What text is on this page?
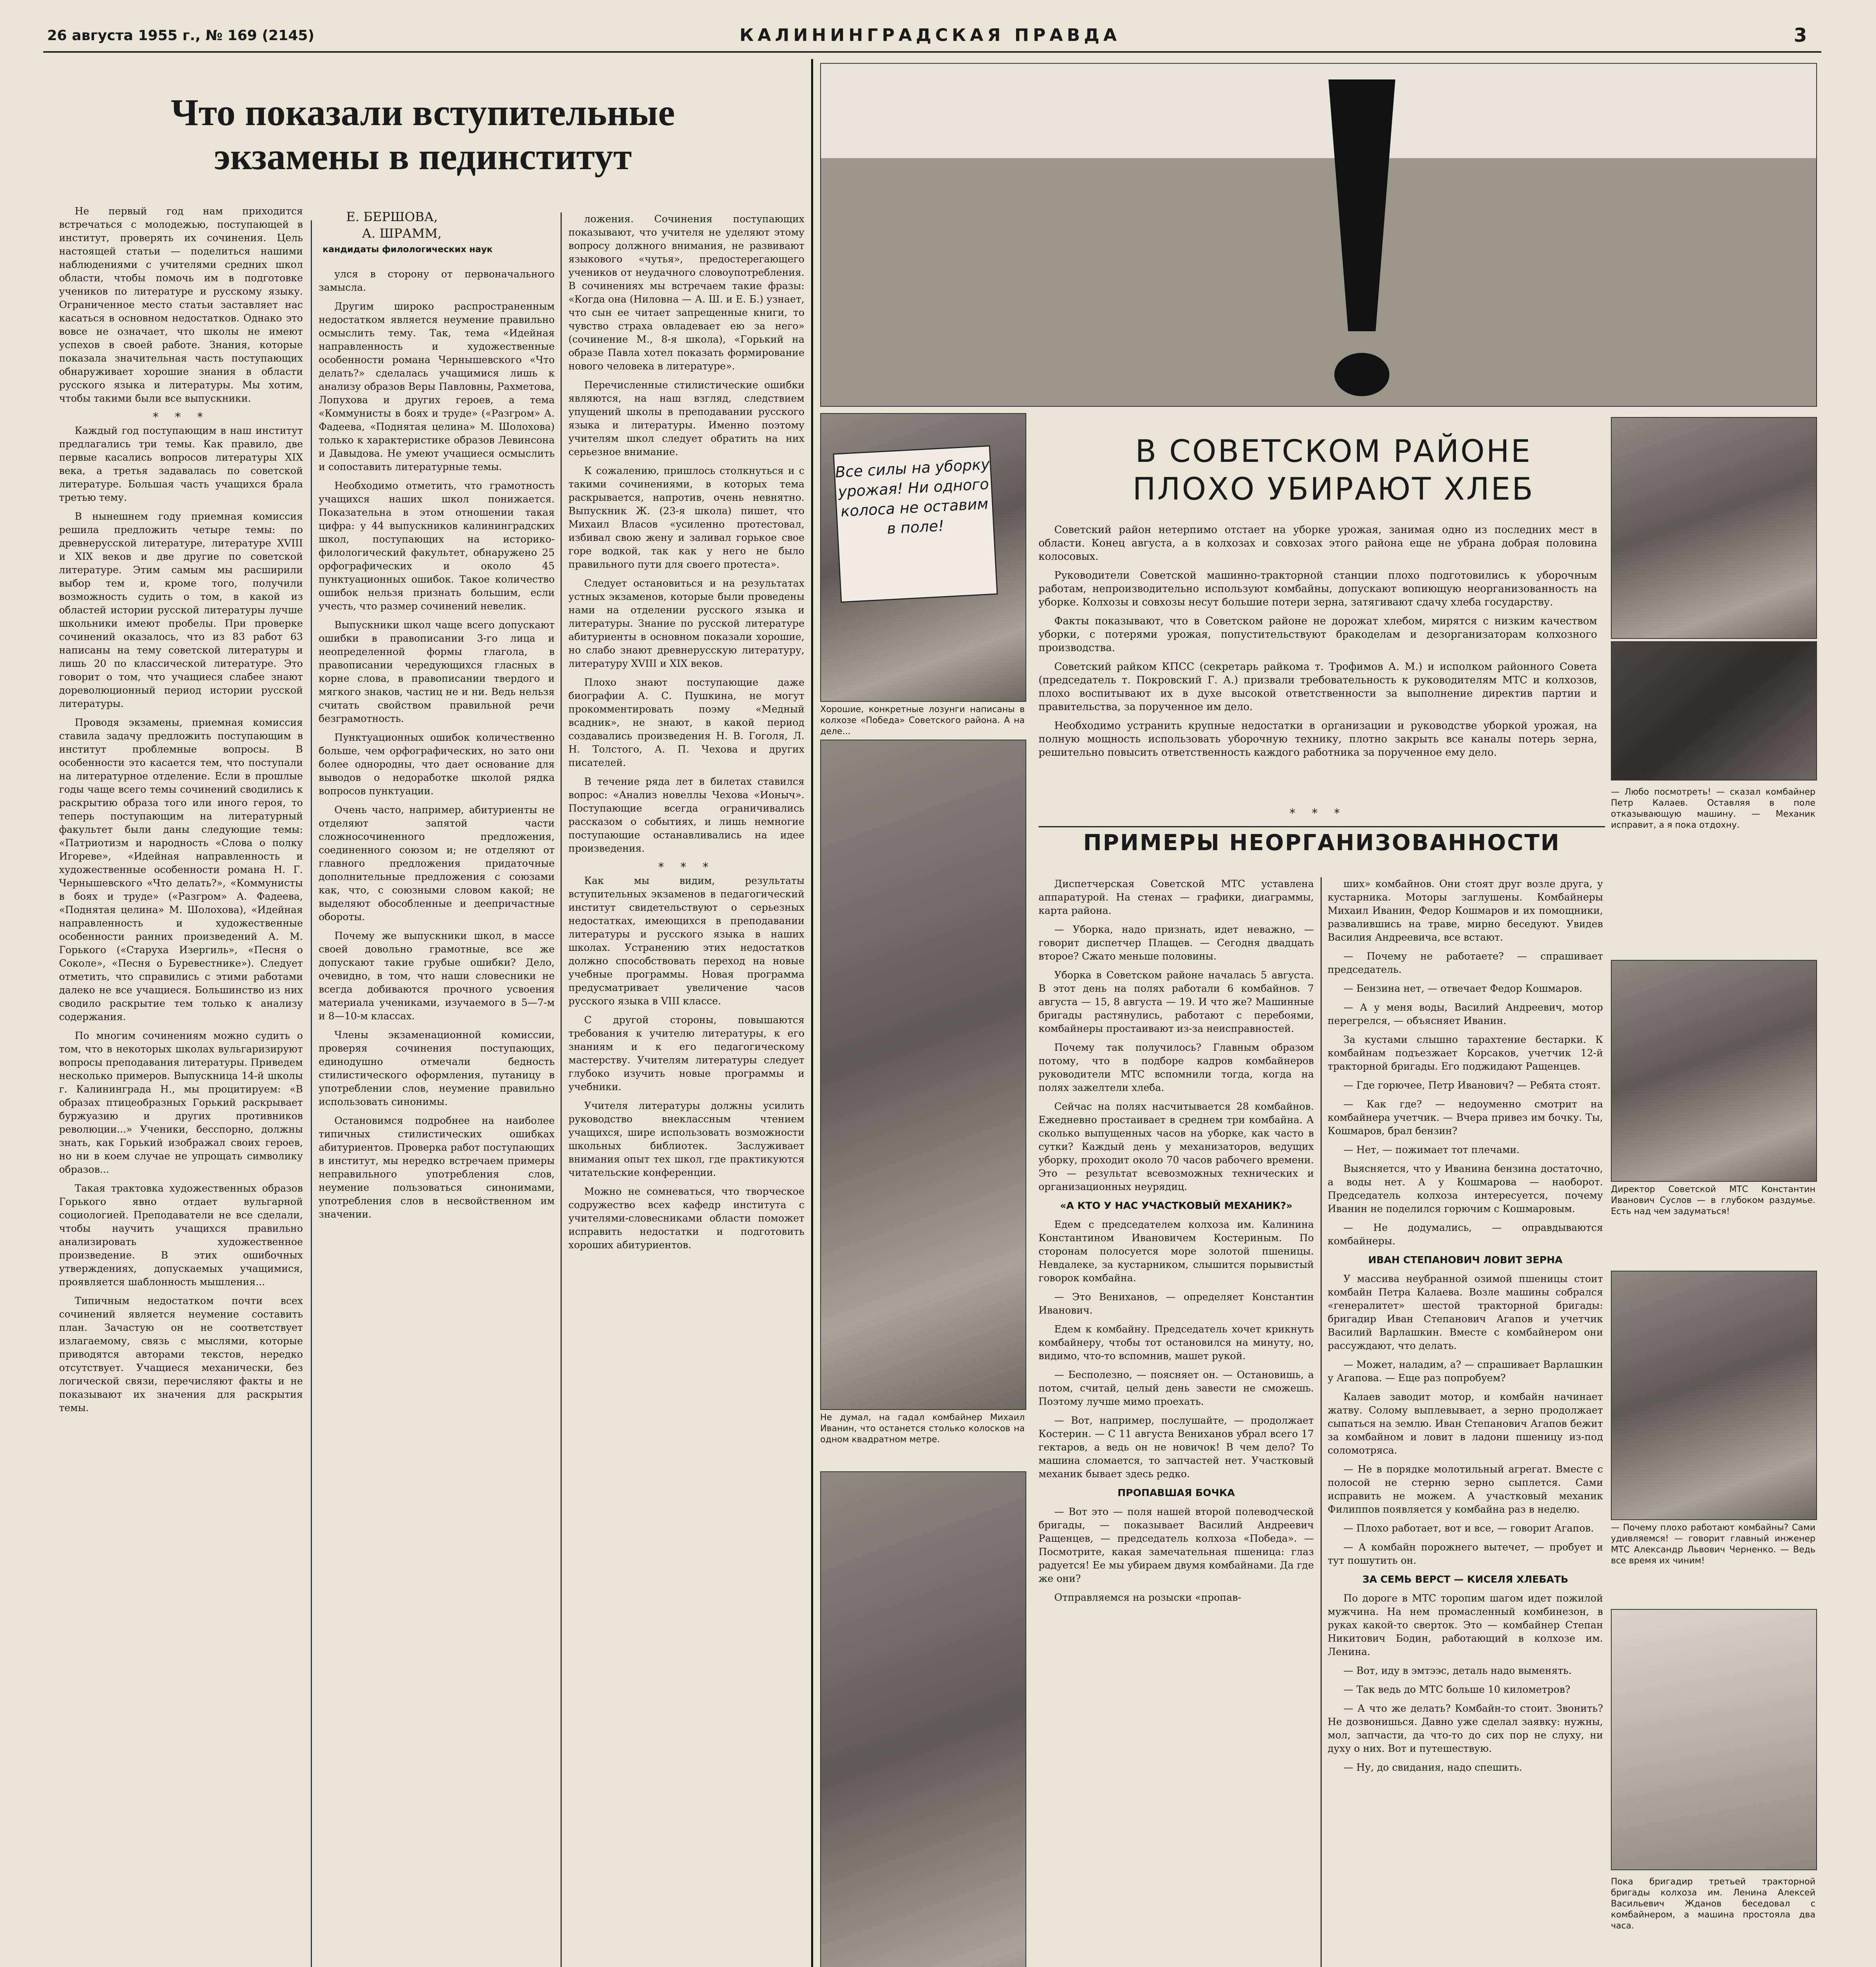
26 августа 1955 г., № 169 (2145)	КАЛИНИНГРАДСКАЯ ПРАВДА	3
Что показали вступительные
экзамены в пединститут
Е. БЕРШОВА,
А. ШРАММ,
кандидаты филологических наук

Не первый год нам приходится встречаться с молодежью, поступающей в институт, проверять их сочинения. Цель настоящей статьи — поделиться нашими наблюдениями с учителями средних школ области, чтобы помочь им в подготовке учеников по литературе и русскому языку. Ограниченное место статьи заставляет нас касаться в основном недостатков. Однако это вовсе не означает, что школы не имеют успехов в своей работе. Знания, которые показала значительная часть поступающих обнаруживает хорошие знания в области русского языка и литературы. Мы хотим, чтобы такими были все выпускники.

* * *

Каждый год поступающим в наш институт предлагались три темы. Как правило, две первые касались вопросов литературы XIX века, а третья задавалась по советской литературе. Большая часть учащихся брала третью тему.

В нынешнем году приемная комиссия решила предложить четыре темы: по древнерусской литературе, литературе XVIII и XIX веков и две другие по советской литературе. Этим самым мы расширили выбор тем и, кроме того, получили возможность судить о том, в какой из областей истории русской литературы лучше школьники имеют пробелы. При проверке сочинений оказалось, что из 83 работ 63 написаны на тему советской литературы и лишь 20 по классической литературе. Это говорит о том, что учащиеся слабее знают дореволюционный период истории русской литературы.

Проводя экзамены, приемная комиссия ставила задачу предложить поступающим в институт проблемные вопросы. В особенности это касается тем, что поступали на литературное отделение. Если в прошлые годы чаще всего темы сочинений сводились к раскрытию образа того или иного героя, то теперь поступающим на литературный факультет были даны следующие темы: «Патриотизм и народность «Слова о полку Игореве», «Идейная направленность и художественные особенности романа Н. Г. Чернышевского «Что делать?», «Коммунисты в боях и труде» («Разгром» А. Фадеева, «Поднятая целина» М. Шолохова), «Идейная направленность и художественные особенности ранних произведений А. М. Горького («Старуха Изергиль», «Песня о Соколе», «Песня о Буревестнике»). Следует отметить, что справились с этими работами далеко не все учащиеся. Большинство из них сводило раскрытие тем только к анализу содержания.

По многим сочинениям можно судить о том, что в некоторых школах вульгаризируют вопросы преподавания литературы. Приведем несколько примеров. Выпускница 14-й школы г. Калининграда Н., мы процитируем: «В образах птицеобразных Горький раскрывает буржуазию и других противников революции...» Ученики, бесспорно, должны знать, как Горький изображал своих героев, но ни в коем случае не упрощать символику образов...

Такая трактовка художественных образов Горького явно отдает вульгарной социологией. Преподаватели не все сделали, чтобы научить учащихся правильно анализировать художественное произведение. В этих ошибочных утверждениях, допускаемых учащимися, проявляется шаблонность мышления...

Типичным недостатком почти всех сочинений является неумение составить план. Зачастую он не соответствует излагаемому, связь с мыслями, которые приводятся авторами текстов, нередко отсутствует. Учащиеся механически, без логической связи, перечисляют факты и не показывают их значения для раскрытия темы.

улся в сторону от первоначального замысла.

Другим широко распространенным недостатком является неумение правильно осмыслить тему. Так, тема «Идейная направленность и художественные особенности романа Чернышевского «Что делать?» сделалась учащимися лишь к анализу образов Веры Павловны, Рахметова, Лопухова и других героев, а тема «Коммунисты в боях и труде» («Разгром» А. Фадеева, «Поднятая целина» М. Шолохова) только к характеристике образов Левинсона и Давыдова. Не умеют учащиеся осмыслить и сопоставить литературные темы.

Необходимо отметить, что грамотность учащихся наших школ понижается. Показательна в этом отношении такая цифра: у 44 выпускников калининградских школ, поступающих на историко-филологический факультет, обнаружено 25 орфографических и около 45 пунктуационных ошибок. Такое количество ошибок нельзя признать большим, если учесть, что размер сочинений невелик.

Выпускники школ чаще всего допускают ошибки в правописании 3-го лица и неопределенной формы глагола, в правописании чередующихся гласных в корне слова, в правописании твердого и мягкого знаков, частиц не и ни. Ведь нельзя считать свойством правильной речи безграмотность.

Пунктуационных ошибок количественно больше, чем орфографических, но зато они более однородны, что дает основание для выводов о недоработке школой рядка вопросов пунктуации.

Очень часто, например, абитуриенты не отделяют запятой части сложносочиненного предложения, соединенного союзом и; не отделяют от главного предложения придаточные дополнительные предложения с союзами как, что, с союзными словом какой; не выделяют обособленные и деепричастные обороты.

Почему же выпускники школ, в массе своей довольно грамотные, все же допускают такие грубые ошибки? Дело, очевидно, в том, что наши словесники не всегда добиваются прочного усвоения материала учениками, изучаемого в 5—7-м и 8—10-м классах.

Члены экзаменационной комиссии, проверяя сочинения поступающих, единодушно отмечали бедность стилистического оформления, путаницу в употреблении слов, неумение правильно использовать синонимы.

Остановимся подробнее на наиболее типичных стилистических ошибках абитуриентов. Проверка работ поступающих в институт, мы нередко встречаем примеры неправильного употребления слов, неумение пользоваться синонимами, употребления слов в несвойственном им значении.

ложения. Сочинения поступающих показывают, что учителя не уделяют этому вопросу должного внимания, не развивают языкового «чутья», предостерегающего учеников от неудачного словоупотребления. В сочинениях мы встречаем такие фразы: «Когда она (Ниловна — А. Ш. и Е. Б.) узнает, что сын ее читает запрещенные книги, то чувство страха овладевает ею за него» (сочинение М., 8-я школа), «Горький на образе Павла хотел показать формирование нового человека в литературе».

Перечисленные стилистические ошибки являются, на наш взгляд, следствием упущений школы в преподавании русского языка и литературы. Именно поэтому учителям школ следует обратить на них серьезное внимание.

К сожалению, пришлось столкнуться и с такими сочинениями, в которых тема раскрывается, напротив, очень невнятно. Выпускник Ж. (23-я школа) пишет, что Михаил Власов «усиленно протестовал, избивал свою жену и заливал горькое свое горе водкой, так как у него не было правильного пути для своего протеста».

Следует остановиться и на результатах устных экзаменов, которые были проведены нами на отделении русского языка и литературы. Знание по русской литературе абитуриенты в основном показали хорошие, но слабо знают древнерусскую литературу, литературу XVIII и XIX веков.

Плохо знают поступающие даже биографии А. С. Пушкина, не могут прокомментировать поэму «Медный всадник», не знают, в какой период создавались произведения Н. В. Гоголя, Л. Н. Толстого, А. П. Чехова и других писателей.

В течение ряда лет в билетах ставился вопрос: «Анализ новеллы Чехова «Ионыч». Поступающие всегда ограничивались рассказом о событиях, и лишь немногие поступающие останавливались на идее произведения.

* * *

Как мы видим, результаты вступительных экзаменов в педагогический институт свидетельствуют о серьезных недостатках, имеющихся в преподавании литературы и русского языка в наших школах. Устранению этих недостатков должно способствовать переход на новые учебные программы. Новая программа предусматривает увеличение часов русского языка в VIII классе.

С другой стороны, повышаются требования к учителю литературы, к его знаниям и к его педагогическому мастерству. Учителям литературы следует глубоко изучить новые программы и учебники.

Учителя литературы должны усилить руководство внеклассным чтением учащихся, шире использовать возможности школьных библиотек. Заслуживает внимания опыт тех школ, где практикуются читательские конференции.

Можно не сомневаться, что творческое содружество всех кафедр института с учителями-словесниками области поможет исправить недостатки и подготовить хороших абитуриентов.

В СОВЕТСКОМ РАЙОНЕ
ПЛОХО УБИРАЮТ ХЛЕБ

Советский район нетерпимо отстает на уборке урожая, занимая одно из последних мест в области. Конец августа, а в колхозах и совхозах этого района еще не убрана добрая половина колосовых.

Руководители Советской машинно-тракторной станции плохо подготовились к уборочным работам, непроизводительно используют комбайны, допускают вопиющую неорганизованность на уборке. Колхозы и совхозы несут большие потери зерна, затягивают сдачу хлеба государству.

Факты показывают, что в Советском районе не дорожат хлебом, мирятся с низким качеством уборки, с потерями урожая, попустительствуют бракоделам и дезорганизаторам колхозного производства.

Советский райком КПСС (секретарь райкома т. Трофимов А. М.) и исполком районного Совета (председатель т. Покровский Г. А.) призвали требовательность к руководителям МТС и колхозов, плохо воспитывают их в духе высокой ответственности за выполнение директив партии и правительства, за порученное им дело.

Необходимо устранить крупные недостатки в организации и руководстве уборкой урожая, на полную мощность использовать уборочную технику, плотно закрыть все каналы потерь зерна, решительно повысить ответственность каждого работника за порученное ему дело.

* * *
Все силы на уборку урожая! Ни одного колоса не оставим в поле!
Хорошие, конкретные лозунги написаны в колхозе «Победа» Советского района. А на деле...
Не думал, на гадал комбайнер Михаил Иванин, что останется столько колосков на одном квадратном метре.
ПРИМЕРЫ НЕОРГАНИЗОВАННОСТИ

Диспетчерская Советской МТС уставлена аппаратурой. На стенах — графики, диаграммы, карта района.

— Уборка, надо признать, идет неважно, — говорит диспетчер Плащев. — Сегодня двадцать второе? Сжато меньше половины.

Уборка в Советском районе началась 5 августа. В этот день на полях работали 6 комбайнов. 7 августа — 15, 8 августа — 19. И что же? Машинные бригады растянулись, работают с перебоями, комбайнеры простаивают из-за неисправностей.

Почему так получилось? Главным образом потому, что в подборе кадров комбайнеров руководители МТС вспомнили тогда, когда на полях зажелтели хлеба.

Сейчас на полях насчитывается 28 комбайнов. Ежедневно простаивает в среднем три комбайна. А сколько выпущенных часов на уборке, как часто в сутки? Каждый день у механизаторов, ведущих уборку, проходит около 70 часов рабочего времени. Это — результат всевозможных технических и организационных неурядиц.

«А КТО У НАС УЧАСТКОВЫЙ МЕХАНИК?»

Едем с председателем колхоза им. Калинина Константином Ивановичем Костериным. По сторонам полосуется море золотой пшеницы. Невдалеке, за кустарником, слышится порывистый говорок комбайна.

— Это Вениханов, — определяет Константин Иванович.

Едем к комбайну. Председатель хочет крикнуть комбайнеру, чтобы тот остановился на минуту, но, видимо, что-то вспомнив, машет рукой.

— Бесполезно, — поясняет он. — Остановишь, а потом, считай, целый день завести не сможешь. Поэтому лучше мимо проехать.

— Вот, например, послушайте, — продолжает Костерин. — С 11 августа Вениханов убрал всего 17 гектаров, а ведь он не новичок! В чем дело? То машина сломается, то запчастей нет. Участковый механик бывает здесь редко.

ПРОПАВШАЯ БОЧКА

— Вот это — поля нашей второй полеводческой бригады, — показывает Василий Андреевич Ращенцев, — председатель колхоза «Победа». — Посмотрите, какая замечательная пшеница: глаз радуется! Ее мы убираем двумя комбайнами. Да где же они?

Отправляемся на розыски «пропав-

ших» комбайнов. Они стоят друг возле друга, у кустарника. Моторы заглушены. Комбайнеры Михаил Иванин, Федор Кошмаров и их помощники, развалившись на траве, мирно беседуют. Увидев Василия Андреевича, все встают.

— Почему не работаете? — спрашивает председатель.

— Бензина нет, — отвечает Федор Кошмаров.

— А у меня воды, Василий Андреевич, мотор перегрелся, — объясняет Иванин.

За кустами слышно тарахтение бестарки. К комбайнам подъезжает Корсаков, учетчик 12-й тракторной бригады. Его поджидают Ращенцев.

— Где горючее, Петр Иванович? — Ребята стоят.

— Как где? — недоуменно смотрит на комбайнера учетчик. — Вчера привез им бочку. Ты, Кошмаров, брал бензин?

— Нет, — пожимает тот плечами.

Выясняется, что у Иванина бензина достаточно, а воды нет. А у Кошмарова — наоборот. Председатель колхоза интересуется, почему Иванин не поделился горючим с Кошмаровым.

— Не додумались, — оправдываются комбайнеры.

ИВАН СТЕПАНОВИЧ ЛОВИТ ЗЕРНА

У массива неубранной озимой пшеницы стоит комбайн Петра Калаева. Возле машины собрался «генералитет» шестой тракторной бригады: бригадир Иван Степанович Агапов и учетчик Василий Варлашкин. Вместе с комбайнером они рассуждают, что делать.

— Может, наладим, а? — спрашивает Варлашкин у Агапова. — Еще раз попробуем?

Калаев заводит мотор, и комбайн начинает жатву. Солому выплевывает, а зерно продолжает сыпаться на землю. Иван Степанович Агапов бежит за комбайном и ловит в ладони пшеницу из-под соломотряса.

— Не в порядке молотильный агрегат. Вместе с полосой не стерню зерно сыплется. Сами исправить не можем. А участковый механик Филиппов появляется у комбайна раз в неделю.

— Плохо работает, вот и все, — говорит Агапов.

— А комбайн порожнего вытечет, — пробует и тут пошутить он.

ЗА СЕМЬ ВЕРСТ — КИСЕЛЯ ХЛЕБАТЬ

По дороге в МТС торопим шагом идет пожилой мужчина. На нем промасленный комбинезон, в руках какой-то сверток. Это — комбайнер Степан Никитович Бодин, работающий в колхозе им. Ленина.

— Вот, иду в эмтээс, деталь надо выменять.

— Так ведь до МТС больше 10 километров?

— А что же делать? Комбайн-то стоит. Звонить? Не дозвонишься. Давно уже сделал заявку: нужны, мол, запчасти, да что-то до сих пор не слуху, ни духу о них. Вот и путешествую.

— Ну, до свидания, надо спешить.

— Любо посмотреть! — сказал комбайнер Петр Калаев. Оставляя в поле отказывающую машину. — Механик исправит, а я пока отдохну.
Директор Советской МТС Константин Иванович Суслов — в глубоком раздумье. Есть над чем задуматься!
— Почему плохо работают комбайны? Сами удивляемся! — говорит главный инженер МТС Александр Львович Черненко. — Ведь все время их чиним!
Пока бригадир третьей тракторной бригады колхоза им. Ленина Алексей Васильевич Жданов беседовал с комбайнером, а машина простояла два часа.
